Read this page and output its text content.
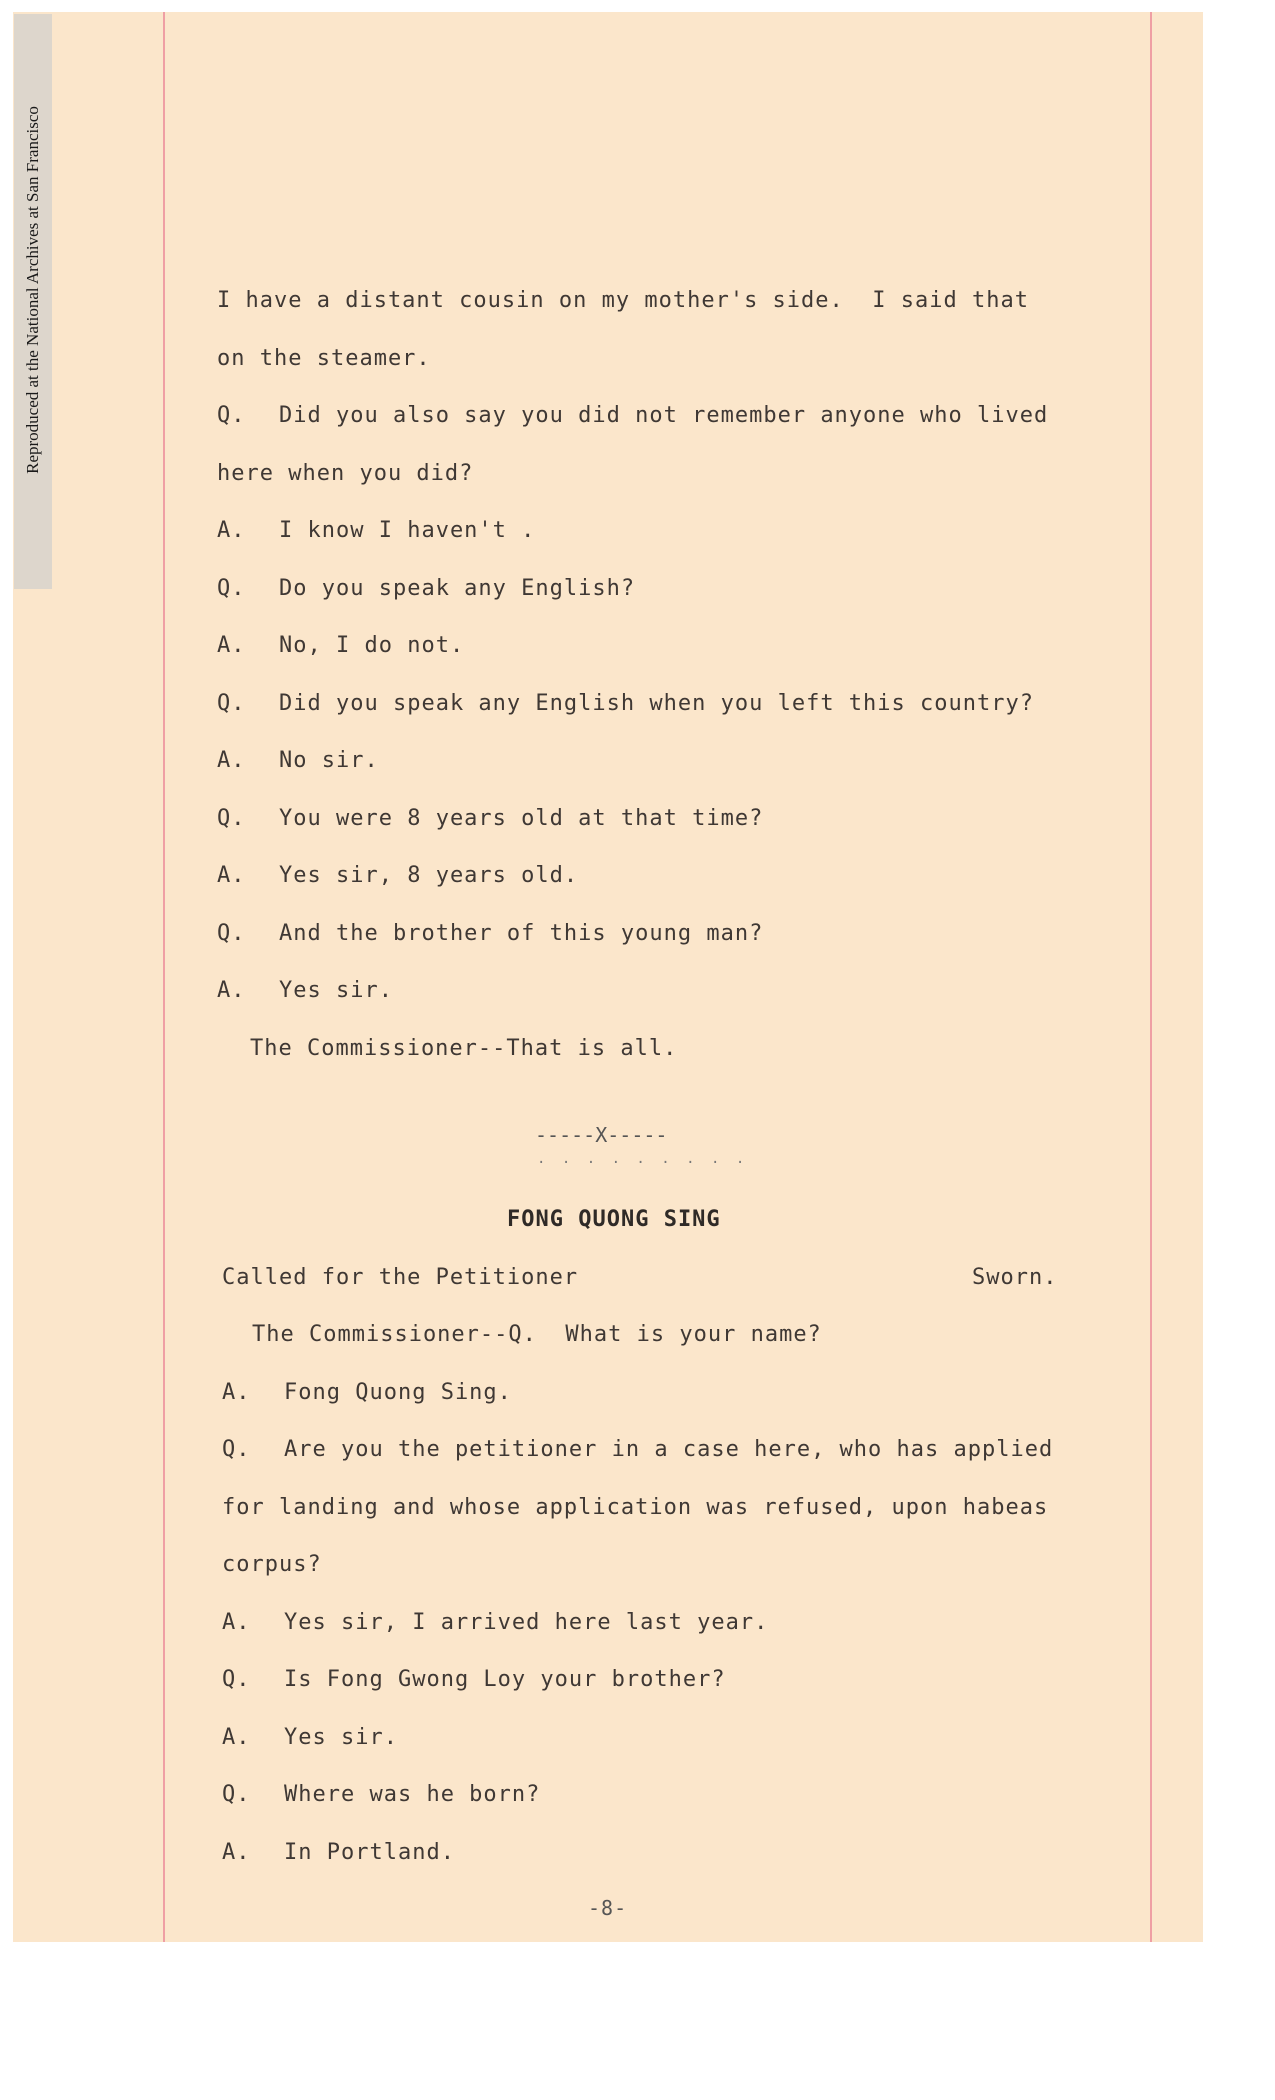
Reproduced at the National Archives at San Francisco	I have a distant cousin on my mother's side.  I said that
on the steamer.
Q. Did you also say you did not remember anyone who lived
here when you did?
A. I know I haven't .
Q. Do you speak any English?
A. No, I do not.
Q. Did you speak any English when you left this country?
A. No sir.
Q. You were 8 years old at that time?
A. Yes sir, 8 years old.
Q. And the brother of this young man?
A. Yes sir.
The Commissioner--That is all.
-----X-----
. . . . . . . . .
FONG QUONG SING
Called for the Petitioner	Sworn.
The Commissioner--Q.  What is your name?
A. Fong Quong Sing.
Q. Are you the petitioner in a case here, who has applied
for landing and whose application was refused, upon habeas
corpus?
A. Yes sir, I arrived here last year.
Q. Is Fong Gwong Loy your brother?
A. Yes sir.
Q. Where was he born?
A. In Portland.
-8-
